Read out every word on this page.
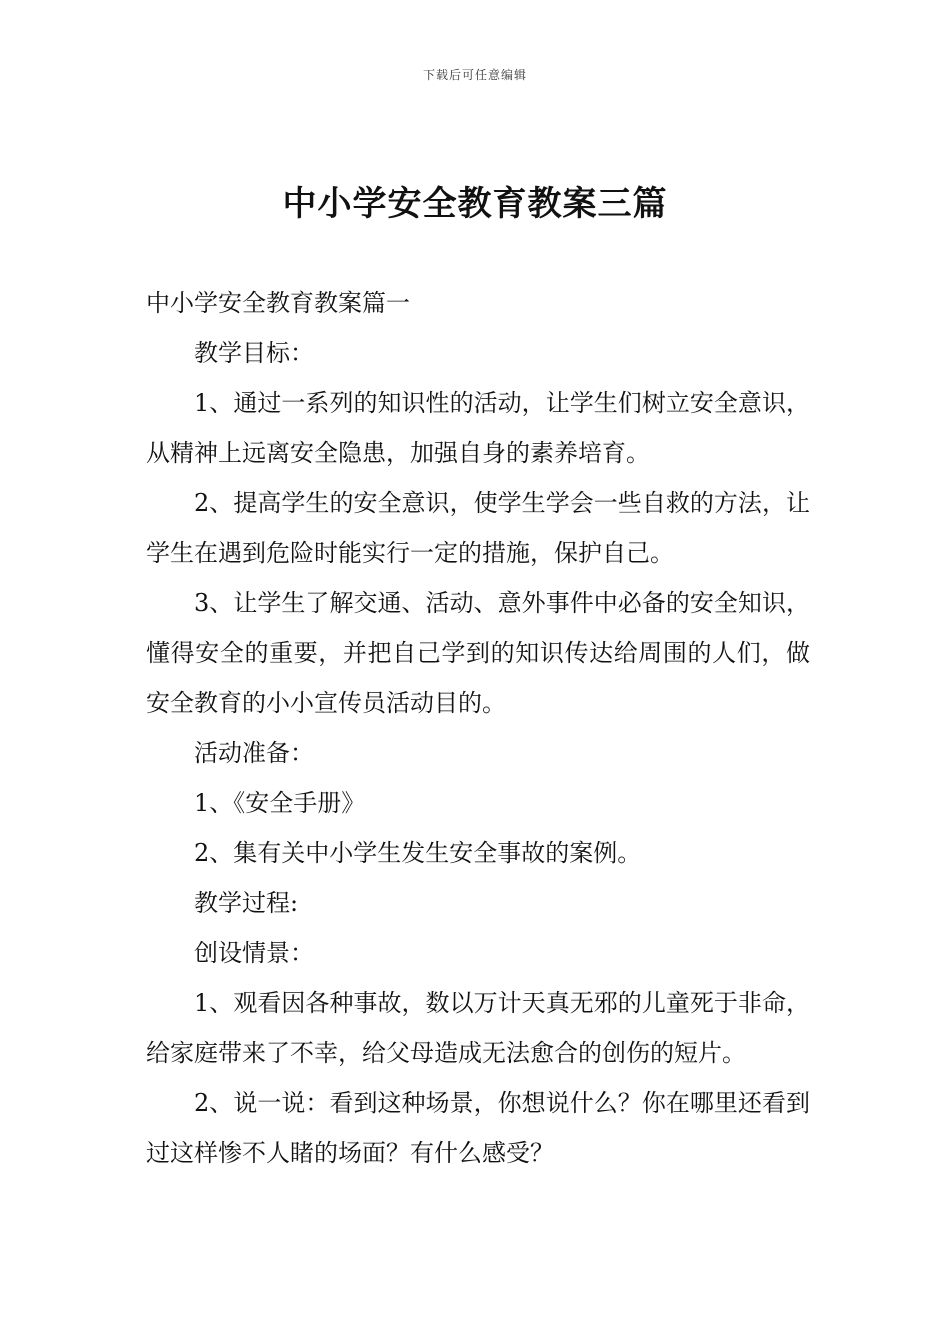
下载后可任意编辑
中小学安全教育教案三篇

中小学安全教育教案篇一

教学目标：

1、通过一系列的知识性的活动，让学生们树立安全意识，从精神上远离安全隐患，加强自身的素养培育。

2、提高学生的安全意识，使学生学会一些自救的方法，让学生在遇到危险时能实行一定的措施，保护自己。

3、让学生了解交通、活动、意外事件中必备的安全知识，懂得安全的重要，并把自己学到的知识传达给周围的人们，做安全教育的小小宣传员活动目的。

活动准备：

1、《安全手册》

2、集有关中小学生发生安全事故的案例。

教学过程:

创设情景：

1、观看因各种事故，数以万计天真无邪的儿童死于非命，给家庭带来了不幸，给父母造成无法愈合的创伤的短片。

2、说一说：看到这种场景，你想说什么？你在哪里还看到过这样惨不人睹的场面？有什么感受？
